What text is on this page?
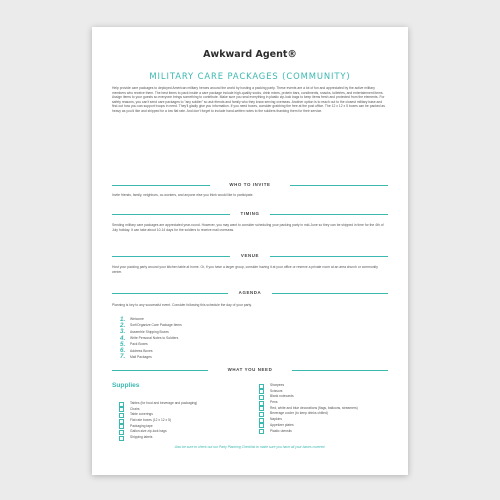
Awkward Agent®
MILITARY CARE PACKAGES (COMMUNITY)

Help provide care packages to deployed American military heroes around the world by hosting a packing party. These events are a lot of fun and appreciated by the active military members who receive them. The best items to pack inside a care package include high-quality socks, drink mixes, protein bars, condiments, snacks, toiletries, and entertainment items. Assign items to your guests so everyone brings something to contribute. Make sure you seal everything in plastic zip-lock bags to keep items fresh and protected from the elements. For safety reasons, you can't send care packages to "any soldier" so ask friends and family who they know serving overseas. Another option is to reach out to the closest military base and find out how you can support troops in need. They'll gladly give you information. If you need boxes, consider grabbing the free at the post office. The 12 x 12 x 5 boxes can be packed as heavy as you'd like and shipped for a low flat rate. And don't forget to include hand-written notes to the soldiers thanking them for their service.

WHO TO INVITE

Invite friends, family, neighbors, co-workers, and anyone else you think would like to participate.

TIMING

Sending military care packages are appreciated year-round. However, you may want to consider scheduling your packing party in mid-June so they can be shipped in time for the 4th of July holiday. It can take about 10-14 days for the soldiers to receive mail overseas.

VENUE

Host your packing party around your kitchen table at home. Or, if you have a larger group, consider having it at your office or reserve a private room at an area church or community center.

AGENDA

Planning is key to any successful event. Consider following this schedule the day of your party.

1.	Welcome
2.	Sort/Organize Care Package Items
3.	Assemble Shipping Boxes
4.	Write Personal Notes to Soldiers
5.	Pack Boxes
6.	Address Boxes
7.	Mail Packages
WHAT YOU NEED
Supplies
Tables (for food and beverage and packaging)
Chairs
Table coverings
Flat rate boxes (12 x 12 x 5)
Packaging tape
Gallon-size zip-lock bags
Shipping labels
Sharpees
Scissors
Blank notecards
Pens
Red, white and blue decorations (flags, balloons, streamers)
Beverage cooler (to keep drinks chilled)
Napkins
Appetizer plates
Plastic utensils
Also be sure to check out our Party Planning Checklist to make sure you have all your bases covered.
